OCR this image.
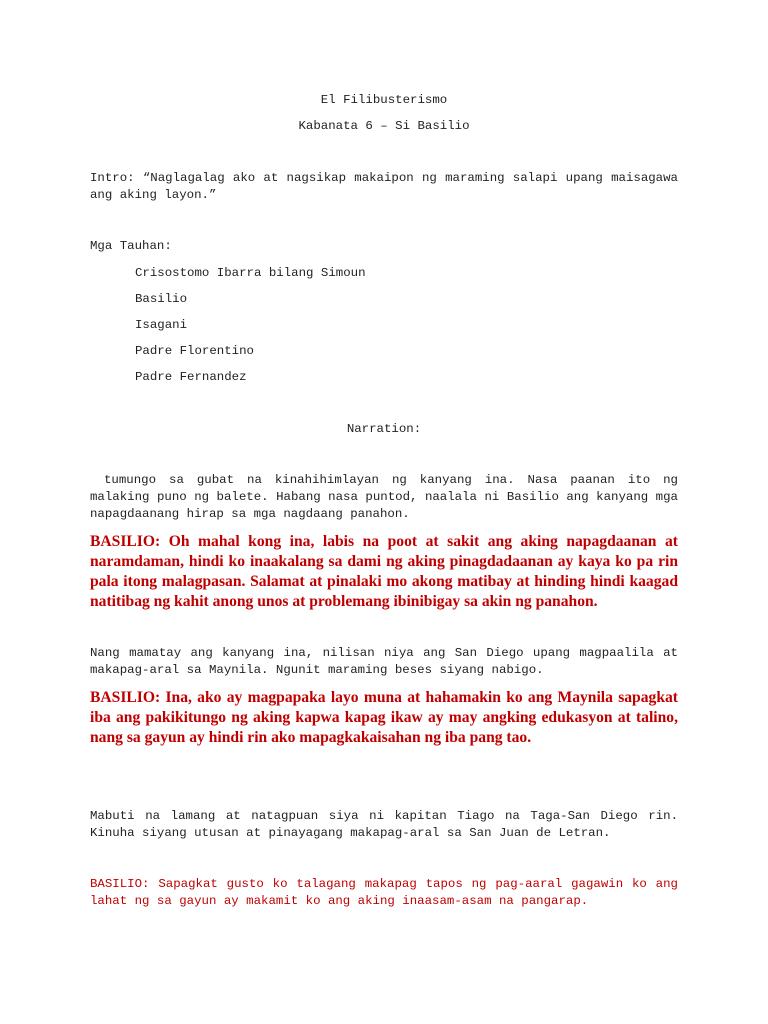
El Filibusterismo
Kabanata 6 – Si Basilio
Intro: “Naglagalag ako at nagsikap makaipon ng maraming salapi upang maisagawa ang aking layon.”
Mga Tauhan:
Crisostomo Ibarra bilang Simoun
Basilio
Isagani
Padre Florentino
Padre Fernandez
Narration:
tumungo sa gubat na kinahihimlayan ng kanyang ina. Nasa paanan ito ng malaking puno ng balete. Habang nasa puntod, naalala ni Basilio ang kanyang mga napagdaanang hirap sa mga nagdaang panahon.
BASILIO: Oh mahal kong ina, labis na poot at sakit ang aking napagdaanan at naramdaman, hindi ko inaakalang sa dami ng aking pinagdadaanan ay kaya ko pa rin pala itong malagpasan. Salamat at pinalaki mo akong matibay at hinding hindi kaagad natitibag ng kahit anong unos at problemang ibinibigay sa akin ng panahon.
Nang mamatay ang kanyang ina, nilisan niya ang San Diego upang magpaalila at makapag-aral sa Maynila. Ngunit maraming beses siyang nabigo.
BASILIO: Ina, ako ay magpapaka layo muna at hahamakin ko ang Maynila sapagkat iba ang pakikitungo ng aking kapwa kapag ikaw ay may angking edukasyon at talino, nang sa gayun ay hindi rin ako mapagkakaisahan ng iba pang tao.
Mabuti na lamang at natagpuan siya ni kapitan Tiago na Taga-San Diego rin. Kinuha siyang utusan at pinayagang makapag-aral sa San Juan de Letran.
BASILIO: Sapagkat gusto ko talagang makapag tapos ng pag-aaral gagawin ko ang lahat ng sa gayun ay makamit ko ang aking inaasam-asam na pangarap.
